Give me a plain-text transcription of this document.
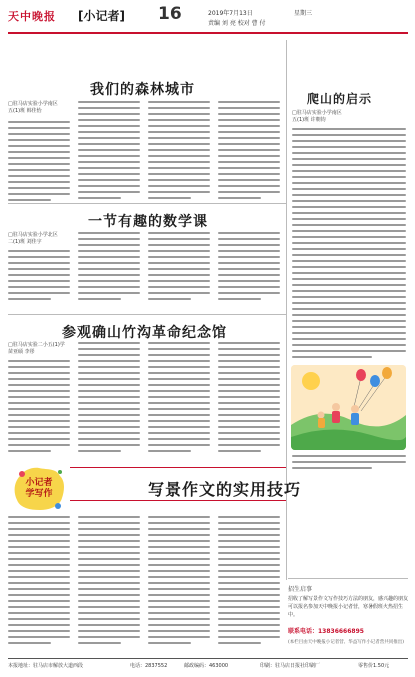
天中晚报 [小记者] 16	2019年7月13日	星期三
责编 刘 亮 校对 曹 付
我们的森林城市
□驻马店实验小学南区
五(1)班 韩佳怡
爬山的启示
□驻马店实验小学南区
五(1)班 许朝钧
一节有趣的数学课
□驻马店实验小学北区
二(1)班 刘佳宇
参观确山竹沟革命纪念馆
□驻马店实验二小五(1)学
苗亚硕 李彤
小记者
学写作	写景作文的实用技巧
招生启事
招收了解写景作文写作技巧方法的朋友，感兴趣的朋友可以报名参加天中晚报小记者营，寒暑假班火热招生中。
联系电话：13836666895
(本栏目由天中晚报小记者营、华益写作小记者营共同推出)
本报地址：驻马店市解放大道西段	电话：2837552	邮政编码：463000	印刷：驻马店日报社印刷厂	零售价1.50元
